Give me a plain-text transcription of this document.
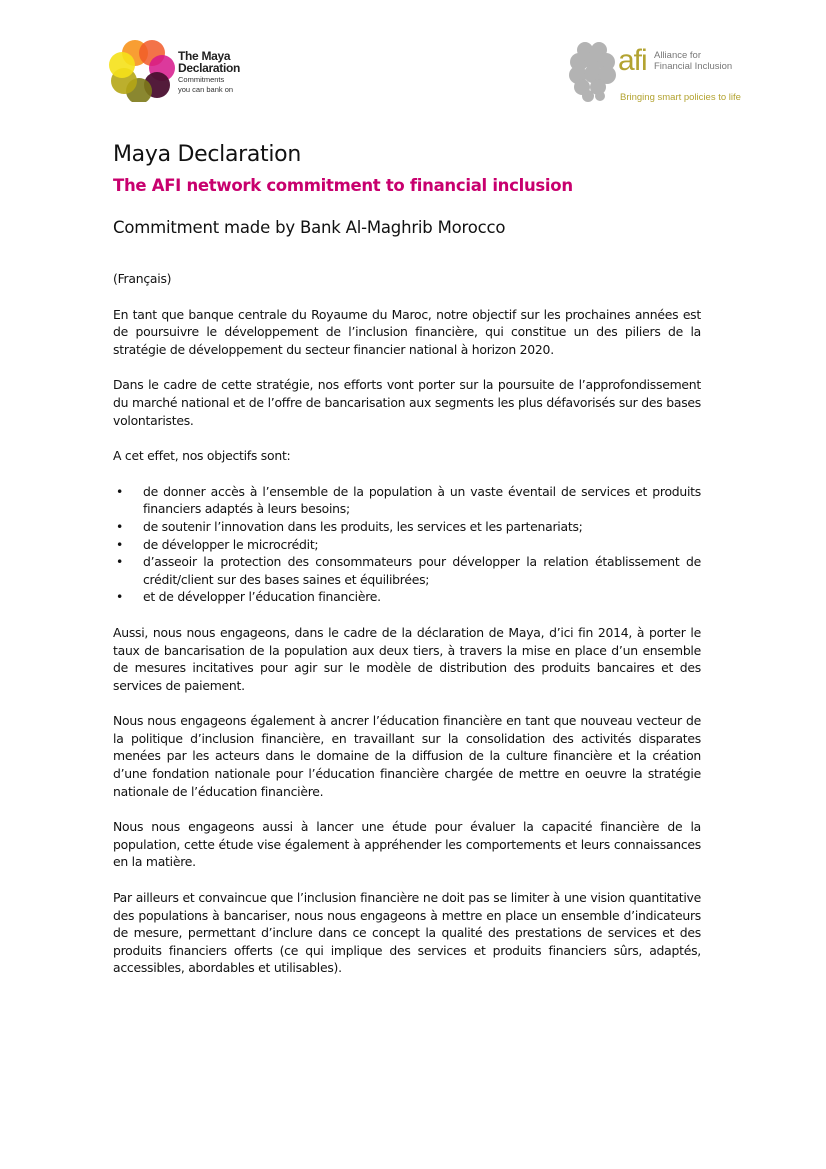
The Maya
Declaration
Commitments
you can bank on
afi Alliance for
Financial Inclusion
Bringing smart policies to life
Maya Declaration
The AFI network commitment to financial inclusion
Commitment made by Bank Al-Maghrib Morocco

(Français)

En tant que banque centrale du Royaume du Maroc, notre objectif sur les prochaines années est de poursuivre le développement de l’inclusion financière, qui constitue un des piliers de la stratégie de développement du secteur financier national à horizon 2020.

Dans le cadre de cette stratégie, nos efforts vont porter sur la poursuite de l’approfondissement du marché national et de l’offre de bancarisation aux segments les plus défavorisés sur des bases volontaristes.

A cet effet, nos objectifs sont:

• de donner accès à l’ensemble de la population à un vaste éventail de services et produits financiers adaptés à leurs besoins;
• de soutenir l’innovation dans les produits, les services et les partenariats;
• de développer le microcrédit;
• d’asseoir la protection des consommateurs pour développer la relation établissement de crédit/client sur des bases saines et équilibrées;
• et de développer l’éducation financière.

Aussi, nous nous engageons, dans le cadre de la déclaration de Maya, d’ici fin 2014, à porter le taux de bancarisation de la population aux deux tiers, à travers la mise en place d’un ensemble de mesures incitatives pour agir sur le modèle de distribution des produits bancaires et des services de paiement.

Nous nous engageons également à ancrer l’éducation financière en tant que nouveau vecteur de la politique d’inclusion financière, en travaillant sur la consolidation des activités disparates menées par les acteurs dans le domaine de la diffusion de la culture financière et la création d’une fondation nationale pour l’éducation financière chargée de mettre en oeuvre la stratégie nationale de l’éducation financière.

Nous nous engageons aussi à lancer une étude pour évaluer la capacité financière de la population, cette étude vise également à appréhender les comportements et leurs connaissances en la matière.

Par ailleurs et convaincue que l’inclusion financière ne doit pas se limiter à une vision quantitative des populations à bancariser, nous nous engageons à mettre en place un ensemble d’indicateurs de mesure, permettant d’inclure dans ce concept la qualité des prestations de services et des produits financiers offerts (ce qui implique des services et produits financiers sûrs, adaptés, accessibles, abordables et utilisables).
